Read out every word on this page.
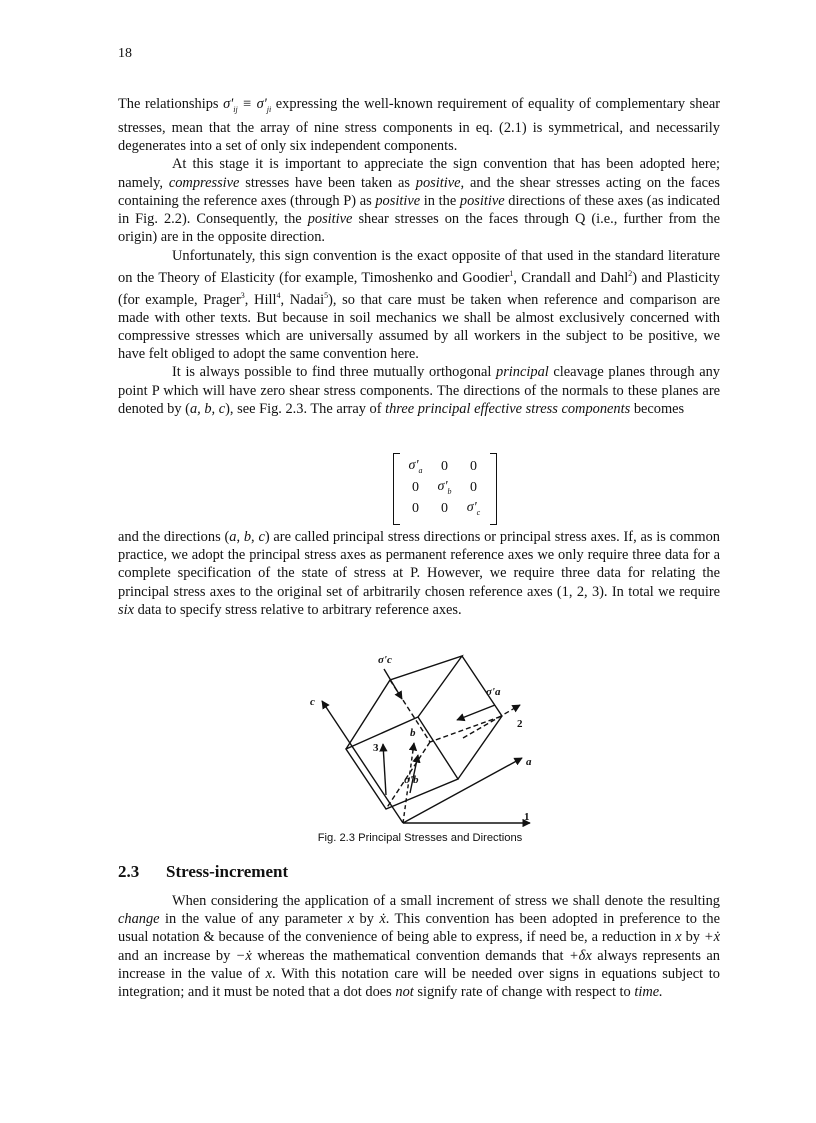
18

The relationships $\sigma'_{ij} \equiv \sigma'_{ji}$ expressing the well-known requirement of equality of complementary shear stresses, mean that the array of nine stress components in eq. (2.1) is symmetrical, and necessarily degenerates into a set of only six independent components.

At this stage it is important to appreciate the sign convention that has been adopted here; namely, compressive stresses have been taken as positive, and the shear stresses acting on the faces containing the reference axes (through P) as positive in the positive directions of these axes (as indicated in Fig. 2.2). Consequently, the positive shear stresses on the faces through Q (i.e., further from the origin) are in the opposite direction.

Unfortunately, this sign convention is the exact opposite of that used in the standard literature on the Theory of Elasticity (for example, Timoshenko and Goodier$^1$, Crandall and Dahl$^2$) and Plasticity (for example, Prager$^3$, Hill$^4$, Nadai$^5$), so that care must be taken when reference and comparison are made with other texts. But because in soil mechanics we shall be almost exclusively concerned with compressive stresses which are universally assumed by all workers in the subject to be positive, we have felt obliged to adopt the same convention here.

It is always possible to find three mutually orthogonal principal cleavage planes through any point P which will have zero shear stress components. The directions of the normals to these planes are denoted by (a, b, c), see Fig. 2.3. The array of three principal effective stress components becomes

$\sigma'_a$	0	0
0	$\sigma'_b$	0
0	0	$\sigma'_c$

and the directions (a, b, c) are called principal stress directions or principal stress axes. If, as is common practice, we adopt the principal stress axes as permanent reference axes we only require three data for a complete specification of the state of stress at P. However, we require three data for relating the principal stress axes to the original set of arbitrarily chosen reference axes (1, 2, 3). In total we require six data to specify stress relative to arbitrary reference axes.

c
σ'c
σ'a
2
b
3
a
σ'b
1
Fig. 2.3 Principal Stresses and Directions
2.3 Stress-increment

When considering the application of a small increment of stress we shall denote the resulting change in the value of any parameter x by ẋ. This convention has been adopted in preference to the usual notation & because of the convenience of being able to express, if need be, a reduction in x by +ẋ and an increase by −ẋ whereas the mathematical convention demands that +δx always represents an increase in the value of x. With this notation care will be needed over signs in equations subject to integration; and it must be noted that a dot does not signify rate of change with respect to time.
